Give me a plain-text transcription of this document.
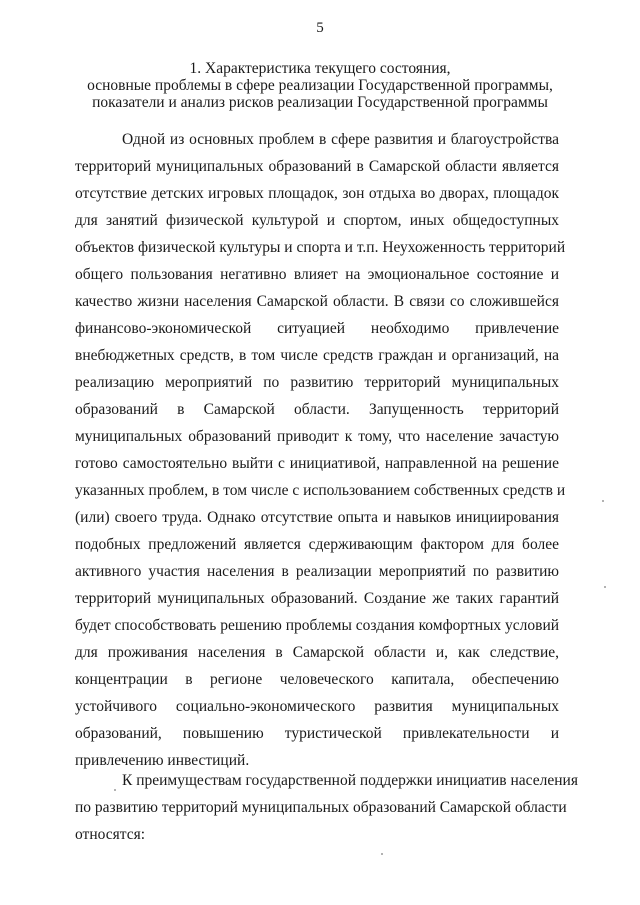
5
1. Характеристика текущего состояния,
основные проблемы в сфере реализации Государственной программы,
показатели и анализ рисков реализации Государственной программы
Одной из основных проблем в сфере развития и благоустройства
территорий муниципальных образований в Самарской области является
отсутствие детских игровых площадок, зон отдыха во дворах, площадок
для занятий физической культурой и спортом, иных общедоступных
объектов физической культуры и спорта и т.п. Неухоженность территорий
общего пользования негативно влияет на эмоциональное состояние и
качество жизни населения Самарской области. В связи со сложившейся
финансово-экономической ситуацией необходимо привлечение
внебюджетных средств, в том числе средств граждан и организаций, на
реализацию мероприятий по развитию территорий муниципальных
образований в Самарской области. Запущенность территорий
муниципальных образований приводит к тому, что население зачастую
готово самостоятельно выйти с инициативой, направленной на решение
указанных проблем, в том числе с использованием собственных средств и
(или) своего труда. Однако отсутствие опыта и навыков инициирования
подобных предложений является сдерживающим фактором для более
активного участия населения в реализации мероприятий по развитию
территорий муниципальных образований. Создание же таких гарантий
будет способствовать решению проблемы создания комфортных условий
для проживания населения в Самарской области и, как следствие,
концентрации в регионе человеческого капитала, обеспечению
устойчивого социально-экономического развития муниципальных
образований, повышению туристической привлекательности и
привлечению инвестиций.
К преимуществам государственной поддержки инициатив населения
по развитию территорий муниципальных образований Самарской области
относятся:
